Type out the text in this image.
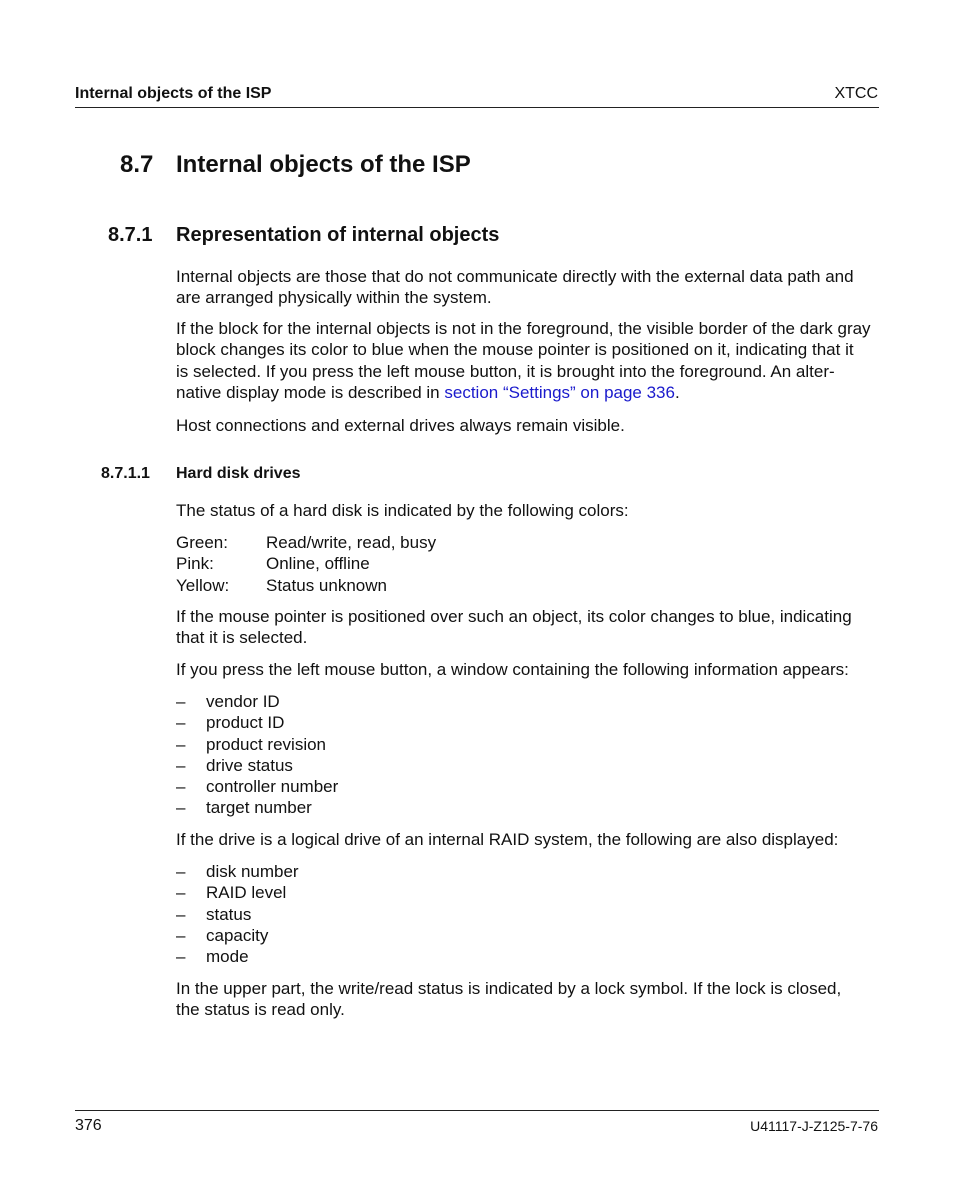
Internal objects of the ISP	XTCC
8.7 Internal objects of the ISP
8.7.1 Representation of internal objects
Internal objects are those that do not communicate directly with the external data path and
are arranged physically within the system.
If the block for the internal objects is not in the foreground, the visible border of the dark gray
block changes its color to blue when the mouse pointer is positioned on it, indicating that it
is selected. If you press the left mouse button, it is brought into the foreground. An alter-
native display mode is described in section “Settings” on page 336.
Host connections and external drives always remain visible.
8.7.1.1 Hard disk drives
The status of a hard disk is indicated by the following colors:
Green: Read/write, read, busy
Pink:	Online, offline
Yellow: Status unknown
If the mouse pointer is positioned over such an object, its color changes to blue, indicating
that it is selected.
If you press the left mouse button, a window containing the following information appears:
– vendor ID
– product ID
– product revision
– drive status
– controller number
– target number
If the drive is a logical drive of an internal RAID system, the following are also displayed:
– disk number
– RAID level
– status
– capacity
– mode
In the upper part, the write/read status is indicated by a lock symbol. If the lock is closed,
the status is read only.
376	U41117-J-Z125-7-76
